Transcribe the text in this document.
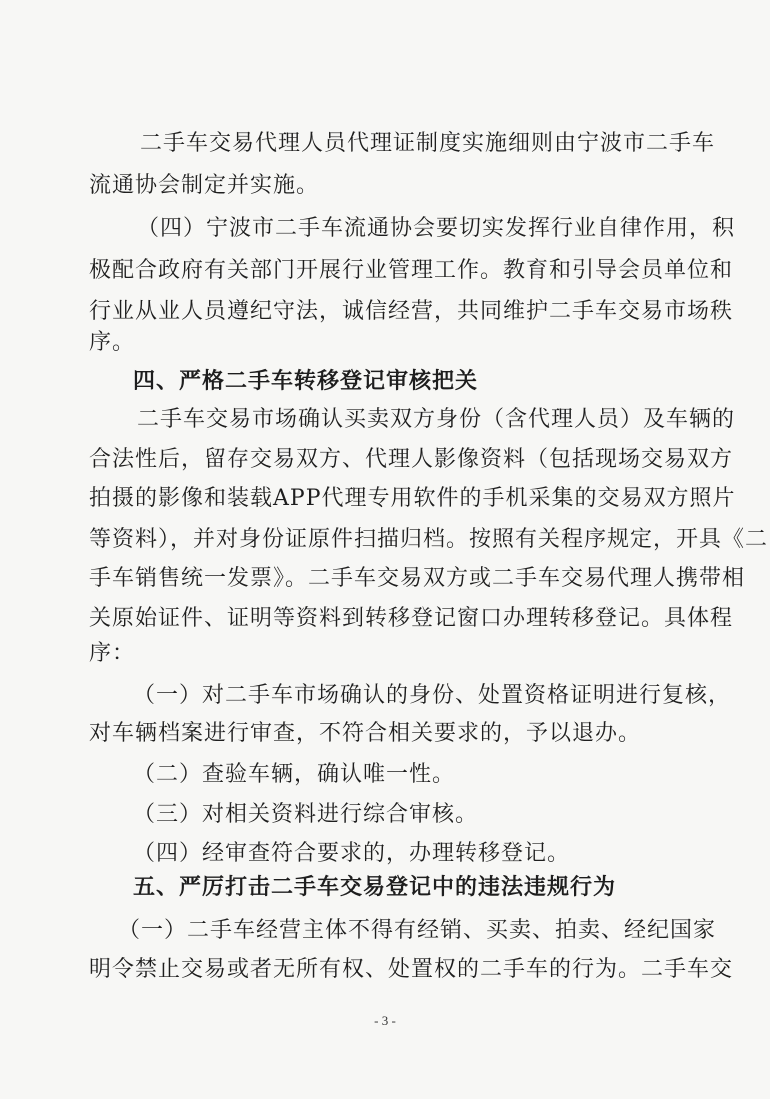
二手车交易代理人员代理证制度实施细则由宁波市二手车
流通协会制定并实施。
（四）宁波市二手车流通协会要切实发挥行业自律作用，积
极配合政府有关部门开展行业管理工作。教育和引导会员单位和
行业从业人员遵纪守法，诚信经营，共同维护二手车交易市场秩
序。
四、严格二手车转移登记审核把关
二手车交易市场确认买卖双方身份（含代理人员）及车辆的
合法性后，留存交易双方、代理人影像资料（包括现场交易双方
拍摄的影像和装载APP代理专用软件的手机采集的交易双方照片
等资料），并对身份证原件扫描归档。按照有关程序规定，开具《二
手车销售统一发票》。二手车交易双方或二手车交易代理人携带相
关原始证件、证明等资料到转移登记窗口办理转移登记。具体程
序：
（一）对二手车市场确认的身份、处置资格证明进行复核，
对车辆档案进行审查，不符合相关要求的，予以退办。
（二）查验车辆，确认唯一性。
（三）对相关资料进行综合审核。
（四）经审查符合要求的，办理转移登记。
五、严厉打击二手车交易登记中的违法违规行为
（一）二手车经营主体不得有经销、买卖、拍卖、经纪国家
明令禁止交易或者无所有权、处置权的二手车的行为。二手车交
- 3 -
